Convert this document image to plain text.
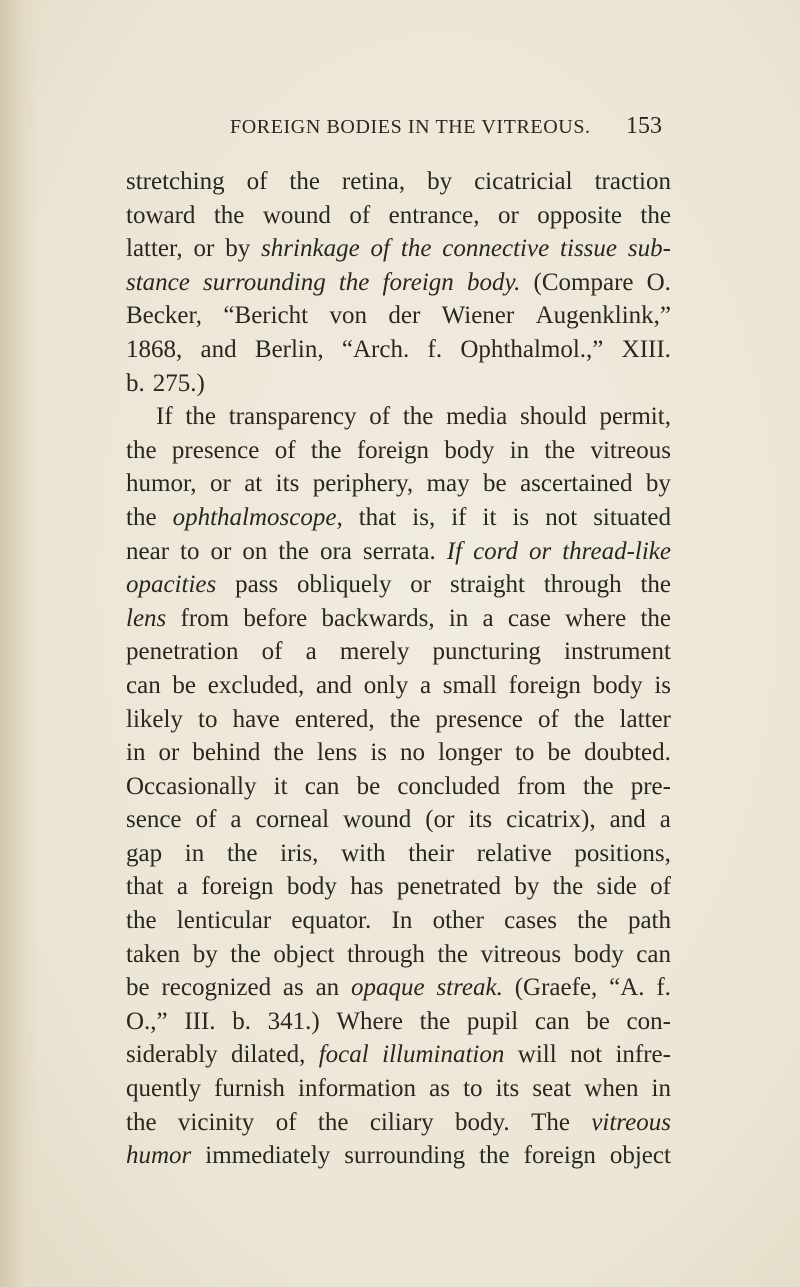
FOREIGN BODIES IN THE VITREOUS. 153
stretching of the retina, by cicatricial traction
toward the wound of entrance, or opposite the
latter, or by shrinkage of the connective tissue sub-
stance surrounding the foreign body. (Compare O.
Becker, “Bericht von der Wiener Augenklink,”
1868, and Berlin, “Arch. f. Ophthalmol.,” XIII.
b. 275.)
If the transparency of the media should permit,
the presence of the foreign body in the vitreous
humor, or at its periphery, may be ascertained by
the ophthalmoscope, that is, if it is not situated
near to or on the ora serrata. If cord or thread-like
opacities pass obliquely or straight through the
lens from before backwards, in a case where the
penetration of a merely puncturing instrument
can be excluded, and only a small foreign body is
likely to have entered, the presence of the latter
in or behind the lens is no longer to be doubted.
Occasionally it can be concluded from the pre-
sence of a corneal wound (or its cicatrix), and a
gap in the iris, with their relative positions,
that a foreign body has penetrated by the side of
the lenticular equator. In other cases the path
taken by the object through the vitreous body can
be recognized as an opaque streak. (Graefe, “A. f.
O.,” III. b. 341.) Where the pupil can be con-
siderably dilated, focal illumination will not infre-
quently furnish information as to its seat when in
the vicinity of the ciliary body. The vitreous
humor immediately surrounding the foreign object
